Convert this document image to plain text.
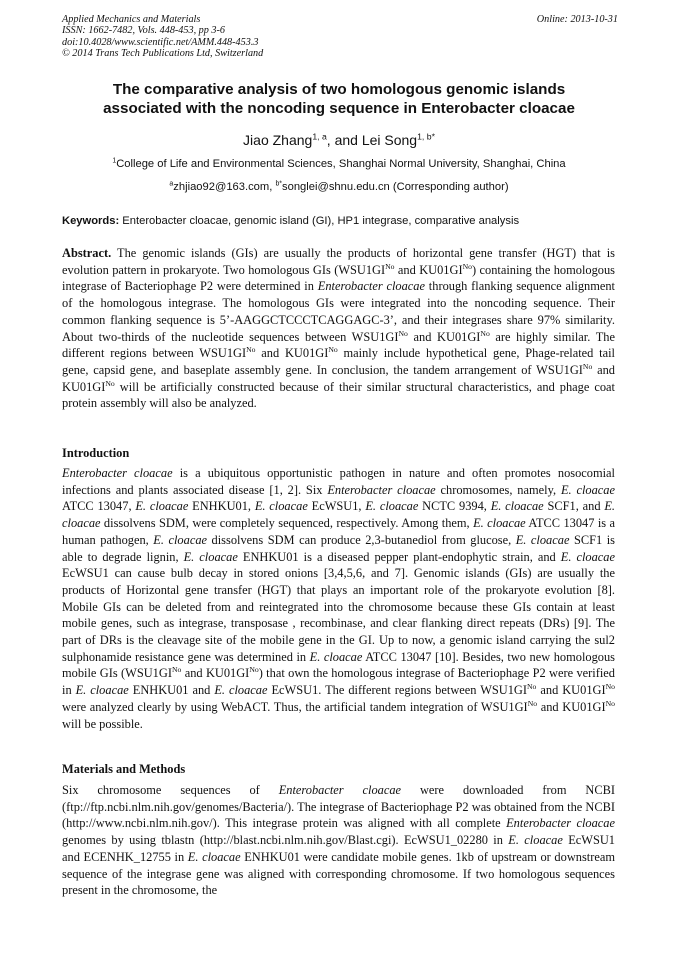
Applied Mechanics and Materials
ISSN: 1662-7482, Vols. 448-453, pp 3-6
doi:10.4028/www.scientific.net/AMM.448-453.3
© 2014 Trans Tech Publications Ltd, Switzerland
Online: 2013-10-31
The comparative analysis of two homologous genomic islands
associated with the noncoding sequence in Enterobacter cloacae
Jiao Zhang$^{1, a}$, and Lei Song$^{1, b*}$
$^1$College of Life and Environmental Sciences, Shanghai Normal University, Shanghai, China
$^a$zhjiao92@163.com, $^{b*}$songlei@shnu.edu.cn (Corresponding author)
Keywords: Enterobacter cloacae, genomic island (GI), HP1 integrase, comparative analysis
Abstract. The genomic islands (GIs) are usually the products of horizontal gene transfer (HGT) that is evolution pattern in prokaryote. Two homologous GIs ($WSU1GI^{No}$ and $KU01GI^{No}$) containing the homologous integrase of Bacteriophage P2 were determined in Enterobacter cloacae through flanking sequence alignment of the homologous integrase. The homologous GIs were integrated into the noncoding sequence. Their common flanking sequence is 5’-AAGGCTCCCTCAGGAGC-3’, and their integrases share 97% similarity. About two-thirds of the nucleotide sequences between $WSU1GI^{No}$ and $KU01GI^{No}$ are highly similar. The different regions between $WSU1GI^{No}$ and $KU01GI^{No}$ mainly include hypothetical gene, Phage-related tail gene, capsid gene, and baseplate assembly gene. In conclusion, the tandem arrangement of $WSU1GI^{No}$ and $KU01GI^{No}$ will be artificially constructed because of their similar structural characteristics, and phage coat protein assembly will also be analyzed.
Introduction
Enterobacter cloacae is a ubiquitous opportunistic pathogen in nature and often promotes nosocomial infections and plants associated disease [1, 2]. Six Enterobacter cloacae chromosomes, namely, E. cloacae ATCC 13047, E. cloacae ENHKU01, E. cloacae EcWSU1, E. cloacae NCTC 9394, E. cloacae SCF1, and E. cloacae dissolvens SDM, were completely sequenced, respectively. Among them, E. cloacae ATCC 13047 is a human pathogen, E. cloacae dissolvens SDM can produce 2,3-butanediol from glucose, E. cloacae SCF1 is able to degrade lignin, E. cloacae ENHKU01 is a diseased pepper plant-endophytic strain, and E. cloacae EcWSU1 can cause bulb decay in stored onions [3,4,5,6, and 7]. Genomic islands (GIs) are usually the products of Horizontal gene transfer (HGT) that plays an important role of the prokaryote evolution [8]. Mobile GIs can be deleted from and reintegrated into the chromosome because these GIs contain at least mobile genes, such as integrase, transposase , recombinase, and clear flanking direct repeats (DRs) [9]. The part of DRs is the cleavage site of the mobile gene in the GI. Up to now, a genomic island carrying the sul2 sulphonamide resistance gene was determined in E. cloacae ATCC 13047 [10]. Besides, two new homologous mobile GIs ($WSU1GI^{No}$ and $KU01GI^{No}$) that own the homologous integrase of Bacteriophage P2 were verified in E. cloacae ENHKU01 and E. cloacae EcWSU1. The different regions between $WSU1GI^{No}$ and $KU01GI^{No}$ were analyzed clearly by using WebACT. Thus, the artificial tandem integration of $WSU1GI^{No}$ and $KU01GI^{No}$ will be possible.
Materials and Methods
Six chromosome sequences of Enterobacter cloacae were downloaded from NCBI (ftp://ftp.ncbi.nlm.nih.gov/genomes/Bacteria/). The integrase of Bacteriophage P2 was obtained from the NCBI (http://www.ncbi.nlm.nih.gov/). This integrase protein was aligned with all complete Enterobacter cloacae genomes by using tblastn (http://blast.ncbi.nlm.nih.gov/Blast.cgi). EcWSU1_02280 in E. cloacae EcWSU1 and ECENHK_12755 in E. cloacae ENHKU01 were candidate mobile genes. 1kb of upstream or downstream sequence of the integrase gene was aligned with corresponding chromosome. If two homologous sequences present in the chromosome, the
